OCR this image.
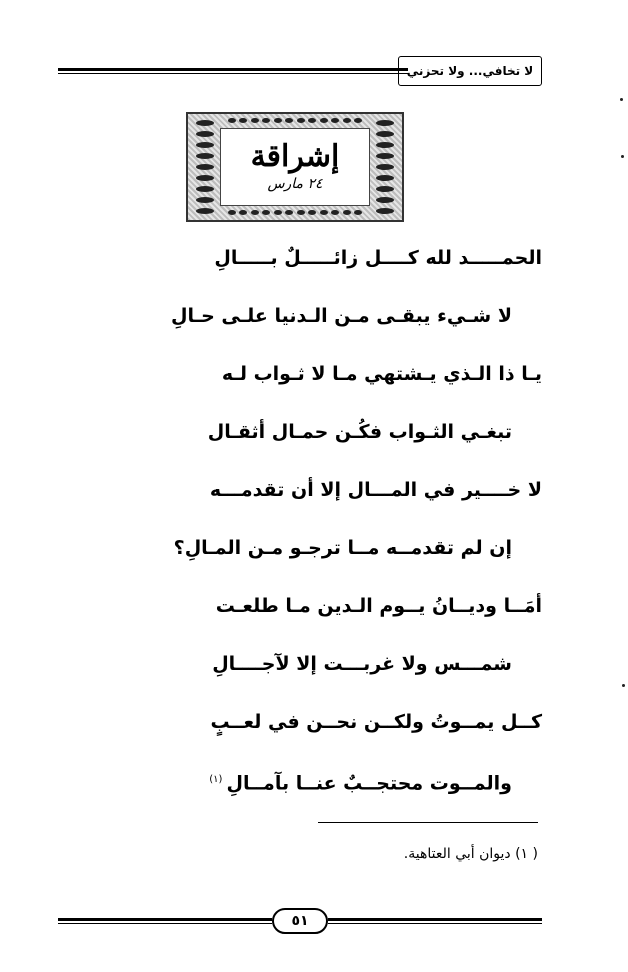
لا تخافي... ولا تحزني
إشراقة
٢٤ مارس
الحمـــــد لله كــــل زائـــــلٌ بـــــالِ
لا شـيء يبقـى مـن الـدنيا علـى حـالِ
يـا ذا الـذي يـشتهي مـا لا ثـواب لـه
تبغـي الثـواب فكُـن حمـال أثقـال
لا خــــير في المـــال إلا أن تقدمـــه
إن لم تقدمــه مــا ترجـو مـن المـالِ؟
أمَــا وديــانُ يــوم الـدين مـا طلعـت
شمـــس ولا غربـــت إلا لآجــــالِ
كــل يمــوتُ ولكــن نحــن في لعــبٍ
والمــوت محتجــبٌ عنــا بآمــالِ$^{(١)}$
( ١) ديوان أبي العتاهية.
٥١
